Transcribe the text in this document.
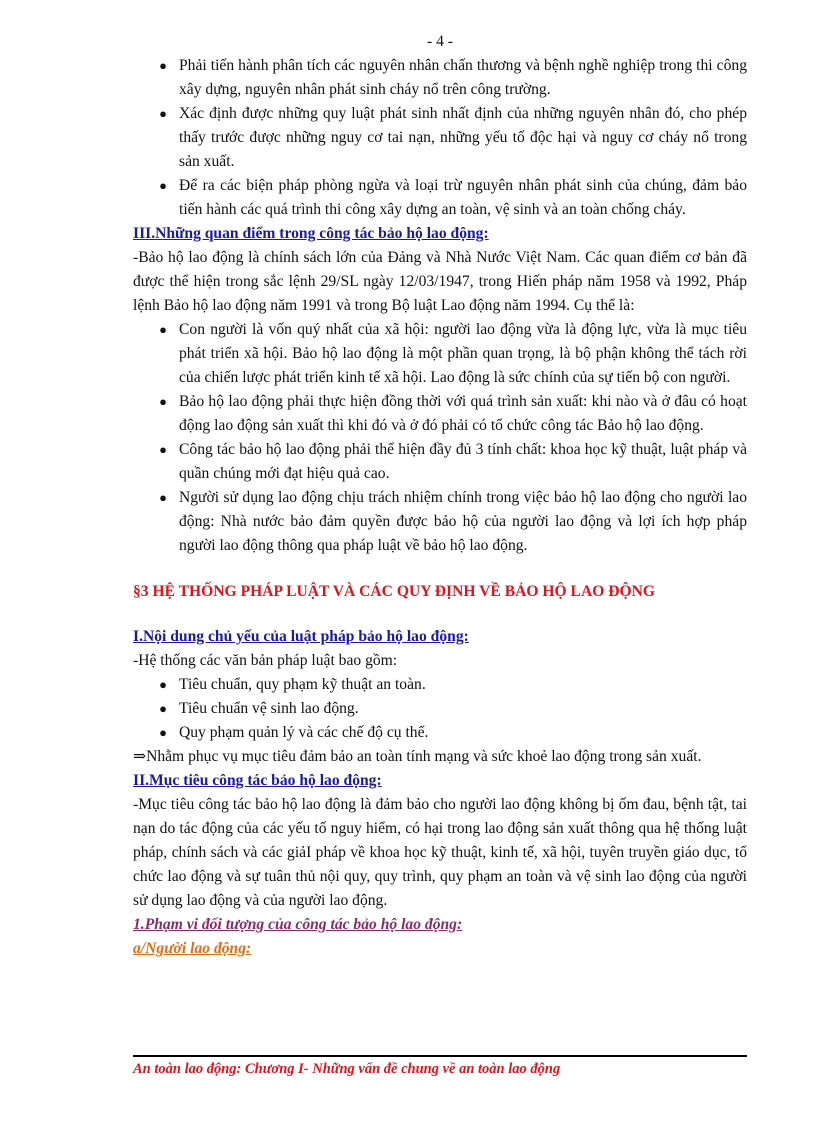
- 4 -
● Phải tiến hành phân tích các nguyên nhân chấn thương và bệnh nghề nghiệp trong thi công xây dựng, nguyên nhân phát sinh cháy nổ trên công trường.
● Xác định được những quy luật phát sinh nhất định của những nguyên nhân đó, cho phép thấy trước được những nguy cơ tai nạn, những yếu tố độc hại và nguy cơ cháy nổ trong sản xuất.
● Để ra các biện pháp phòng ngừa và loại trừ nguyên nhân phát sinh của chúng, đảm bảo tiến hành các quá trình thi công xây dựng an toàn, vệ sinh và an toàn chống cháy.
III.Những quan điểm trong công tác bảo hộ lao động:

-Bảo hộ lao động là chính sách lớn của Đảng và Nhà Nước Việt Nam. Các quan điểm cơ bản đã được thể hiện trong sắc lệnh 29/SL ngày 12/03/1947, trong Hiến pháp năm 1958 và 1992, Pháp lệnh Bảo hộ lao động năm 1991 và trong Bộ luật Lao động năm 1994. Cụ thể là:

● Con người là vốn quý nhất của xã hội: người lao động vừa là động lực, vừa là mục tiêu phát triển xã hội. Bảo hộ lao động là một phần quan trọng, là bộ phận không thể tách rời của chiến lược phát triển kinh tế xã hội. Lao động là sức chính của sự tiến bộ con người.
● Bảo hộ lao động phải thực hiện đồng thời với quá trình sản xuất: khi nào và ở đâu có hoạt động lao động sản xuất thì khi đó và ở đó phải có tổ chức công tác Bảo hộ lao động.
● Công tác bảo hộ lao động phải thể hiện đầy đủ 3 tính chất: khoa học kỹ thuật, luật pháp và quần chúng mới đạt hiệu quả cao.
● Người sử dụng lao động chịu trách nhiệm chính trong việc bảo hộ lao động cho người lao động: Nhà nước bảo đảm quyền được bảo hộ của người lao động và lợi ích hợp pháp người lao động thông qua pháp luật về bảo hộ lao động.
§3 HỆ THỐNG PHÁP LUẬT VÀ CÁC QUY ĐỊNH VỀ BẢO HỘ LAO ĐỘNG
I.Nội dung chủ yếu của luật pháp bảo hộ lao động:

-Hệ thống các văn bản pháp luật bao gồm:

● Tiêu chuẩn, quy phạm kỹ thuật an toàn.
● Tiêu chuẩn vệ sinh lao động.
● Quy phạm quản lý và các chế độ cụ thể.

⇒Nhằm phục vụ mục tiêu đảm bảo an toàn tính mạng và sức khoẻ lao động trong sản xuất.

II.Mục tiêu công tác bảo hộ lao động:

-Mục tiêu công tác bảo hộ lao động là đảm bảo cho người lao động không bị ốm đau, bệnh tật, tai nạn do tác động của các yếu tố nguy hiểm, có hại trong lao động sản xuất thông qua hệ thống luật pháp, chính sách và các giảI pháp về khoa học kỹ thuật, kinh tế, xã hội, tuyên truyền giáo dục, tổ chức lao động và sự tuân thủ nội quy, quy trình, quy phạm an toàn và vệ sinh lao động của người sử dụng lao động và của người lao động.

1.Phạm vi đối tượng của công tác bảo hộ lao động:
a/Người lao động:
An toàn lao động: Chương I- Những vấn đề chung về an toàn lao động
